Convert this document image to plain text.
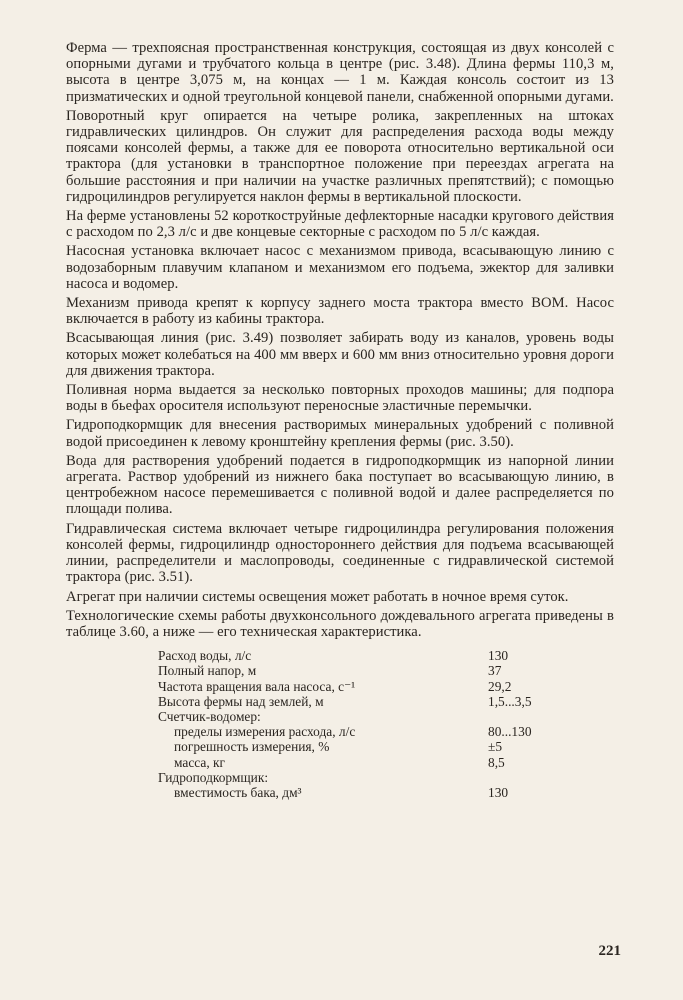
Ферма — трехпоясная пространственная конструкция, состоящая из двух консолей с опорными дугами и трубчатого кольца в центре (рис. 3.48). Длина фермы 110,3 м, высота в центре 3,075 м, на концах — 1 м. Каждая консоль состоит из 13 призматических и одной треугольной концевой панели, снабженной опорными дугами.

Поворотный круг опирается на четыре ролика, закрепленных на штоках гидравлических цилиндров. Он служит для распределения расхода воды между поясами консолей фермы, а также для ее поворота относительно вертикальной оси трактора (для установки в транспортное положение при переездах агрегата на большие расстояния и при наличии на участке различных препятствий); с помощью гидроцилиндров регулируется наклон фермы в вертикальной плоскости.

На ферме установлены 52 короткоструйные дефлекторные насадки кругового действия с расходом по 2,3 л/с и две концевые секторные с расходом по 5 л/с каждая.

Насосная установка включает насос с механизмом привода, всасывающую линию с водозаборным плавучим клапаном и механизмом его подъема, эжектор для заливки насоса и водомер.

Механизм привода крепят к корпусу заднего моста трактора вместо ВОМ. Насос включается в работу из кабины трактора.

Всасывающая линия (рис. 3.49) позволяет забирать воду из каналов, уровень воды которых может колебаться на 400 мм вверх и 600 мм вниз относительно уровня дороги для движения трактора.

Поливная норма выдается за несколько повторных проходов машины; для подпора воды в бьефах оросителя используют переносные эластичные перемычки.

Гидроподкормщик для внесения растворимых минеральных удобрений с поливной водой присоединен к левому кронштейну крепления фермы (рис. 3.50).

Вода для растворения удобрений подается в гидроподкормщик из напорной линии агрегата. Раствор удобрений из нижнего бака поступает во всасывающую линию, в центробежном насосе перемешивается с поливной водой и далее распределяется по площади полива.

Гидравлическая система включает четыре гидроцилиндра регулирования положения консолей фермы, гидроцилиндр одностороннего действия для подъема всасывающей линии, распределители и маслопроводы, соединенные с гидравлической системой трактора (рис. 3.51).

Агрегат при наличии системы освещения может работать в ночное время суток.

Технологические схемы работы двухконсольного дождевального агрегата приведены в таблице 3.60, а ниже — его техническая характеристика.

Расход воды, л/с	130
Полный напор, м	37
Частота вращения вала насоса, с⁻¹	29,2
Высота фермы над землей, м	1,5...3,5
Счетчик-водомер:	
пределы измерения расхода, л/с	80...130
погрешность измерения, %	±5
масса, кг	8,5
Гидроподкормщик:	
вместимость бака, дм³	130
221
